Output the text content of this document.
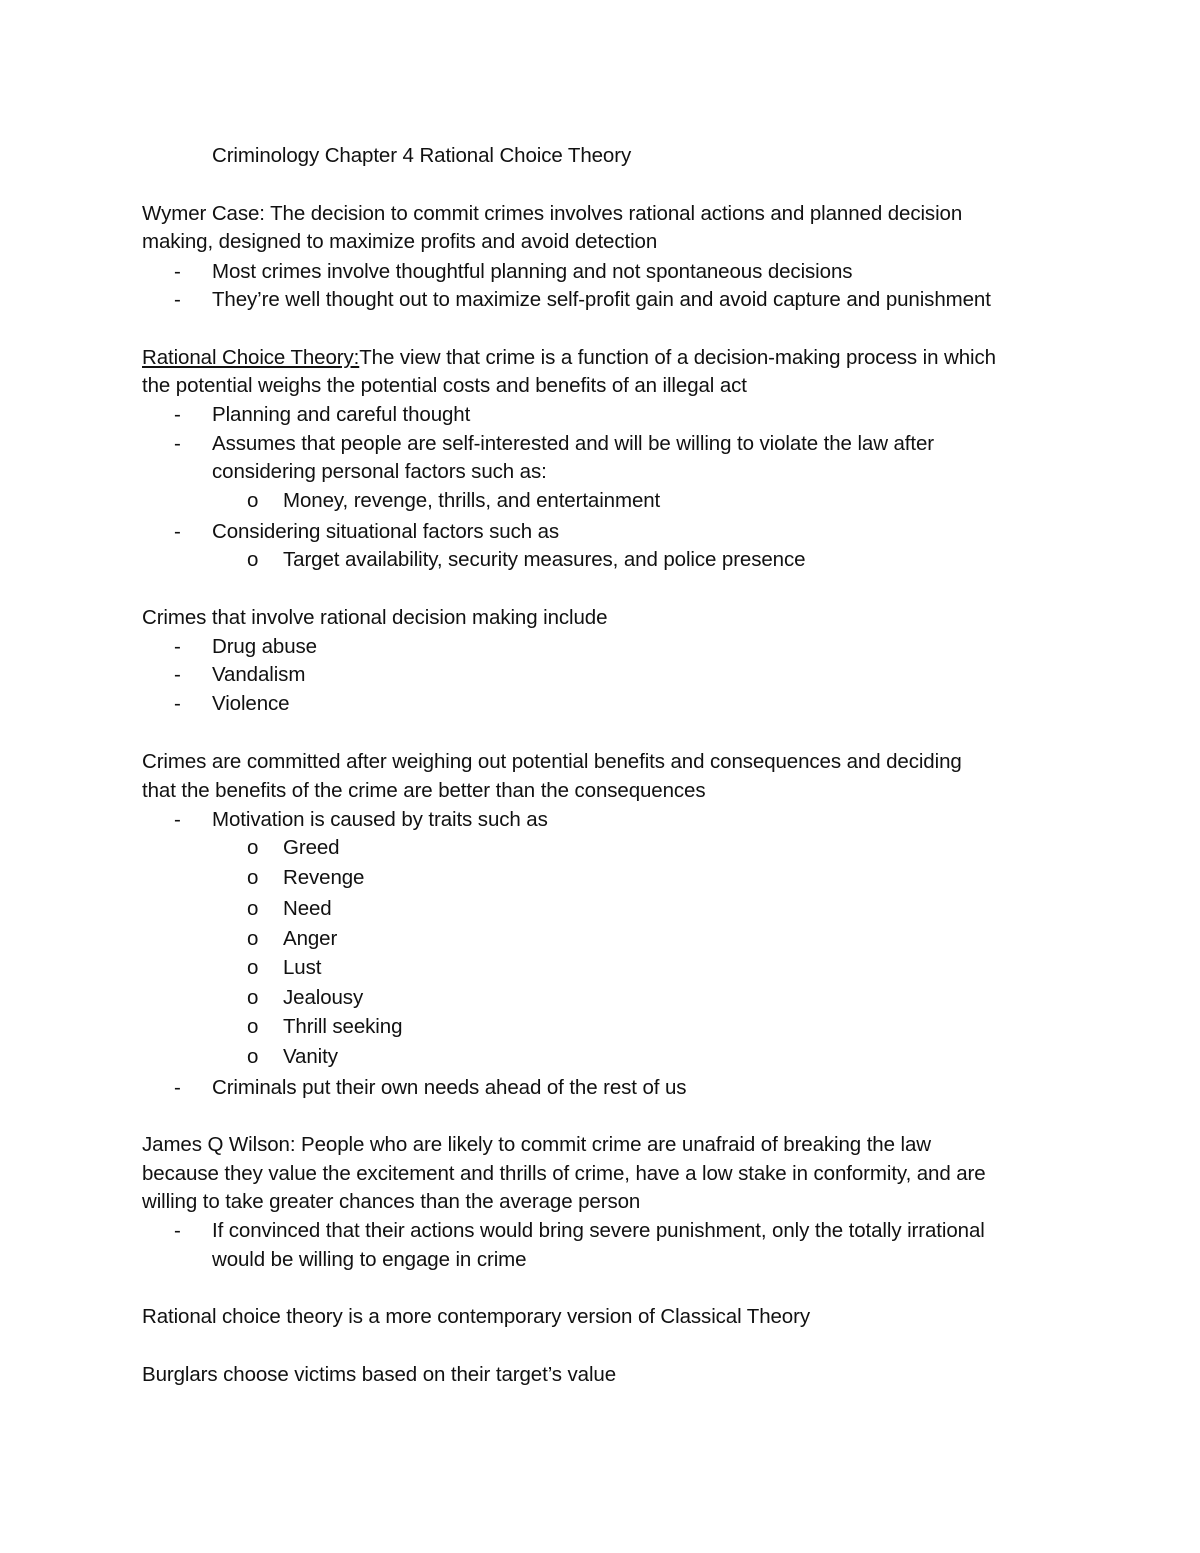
Criminology Chapter 4 Rational Choice Theory
Wymer Case: The decision to commit crimes involves rational actions and planned decision
making, designed to maximize profits and avoid detection
- Most crimes involve thoughtful planning and not spontaneous decisions
- They’re well thought out to maximize self-profit gain and avoid capture and punishment
Rational Choice Theory:The view that crime is a function of a decision-making process in which
the potential weighs the potential costs and benefits of an illegal act
- Planning and careful thought
- Assumes that people are self-interested and will be willing to violate the law after
considering personal factors such as:
o Money, revenge, thrills, and entertainment
- Considering situational factors such as
o Target availability, security measures, and police presence
Crimes that involve rational decision making include
- Drug abuse
- Vandalism
- Violence
Crimes are committed after weighing out potential benefits and consequences and deciding
that the benefits of the crime are better than the consequences
- Motivation is caused by traits such as
o Greed
o Revenge
o Need
o Anger
o Lust
o Jealousy
o Thrill seeking
o Vanity
- Criminals put their own needs ahead of the rest of us
James Q Wilson: People who are likely to commit crime are unafraid of breaking the law
because they value the excitement and thrills of crime, have a low stake in conformity, and are
willing to take greater chances than the average person
- If convinced that their actions would bring severe punishment, only the totally irrational
would be willing to engage in crime
Rational choice theory is a more contemporary version of Classical Theory
Burglars choose victims based on their target’s value
